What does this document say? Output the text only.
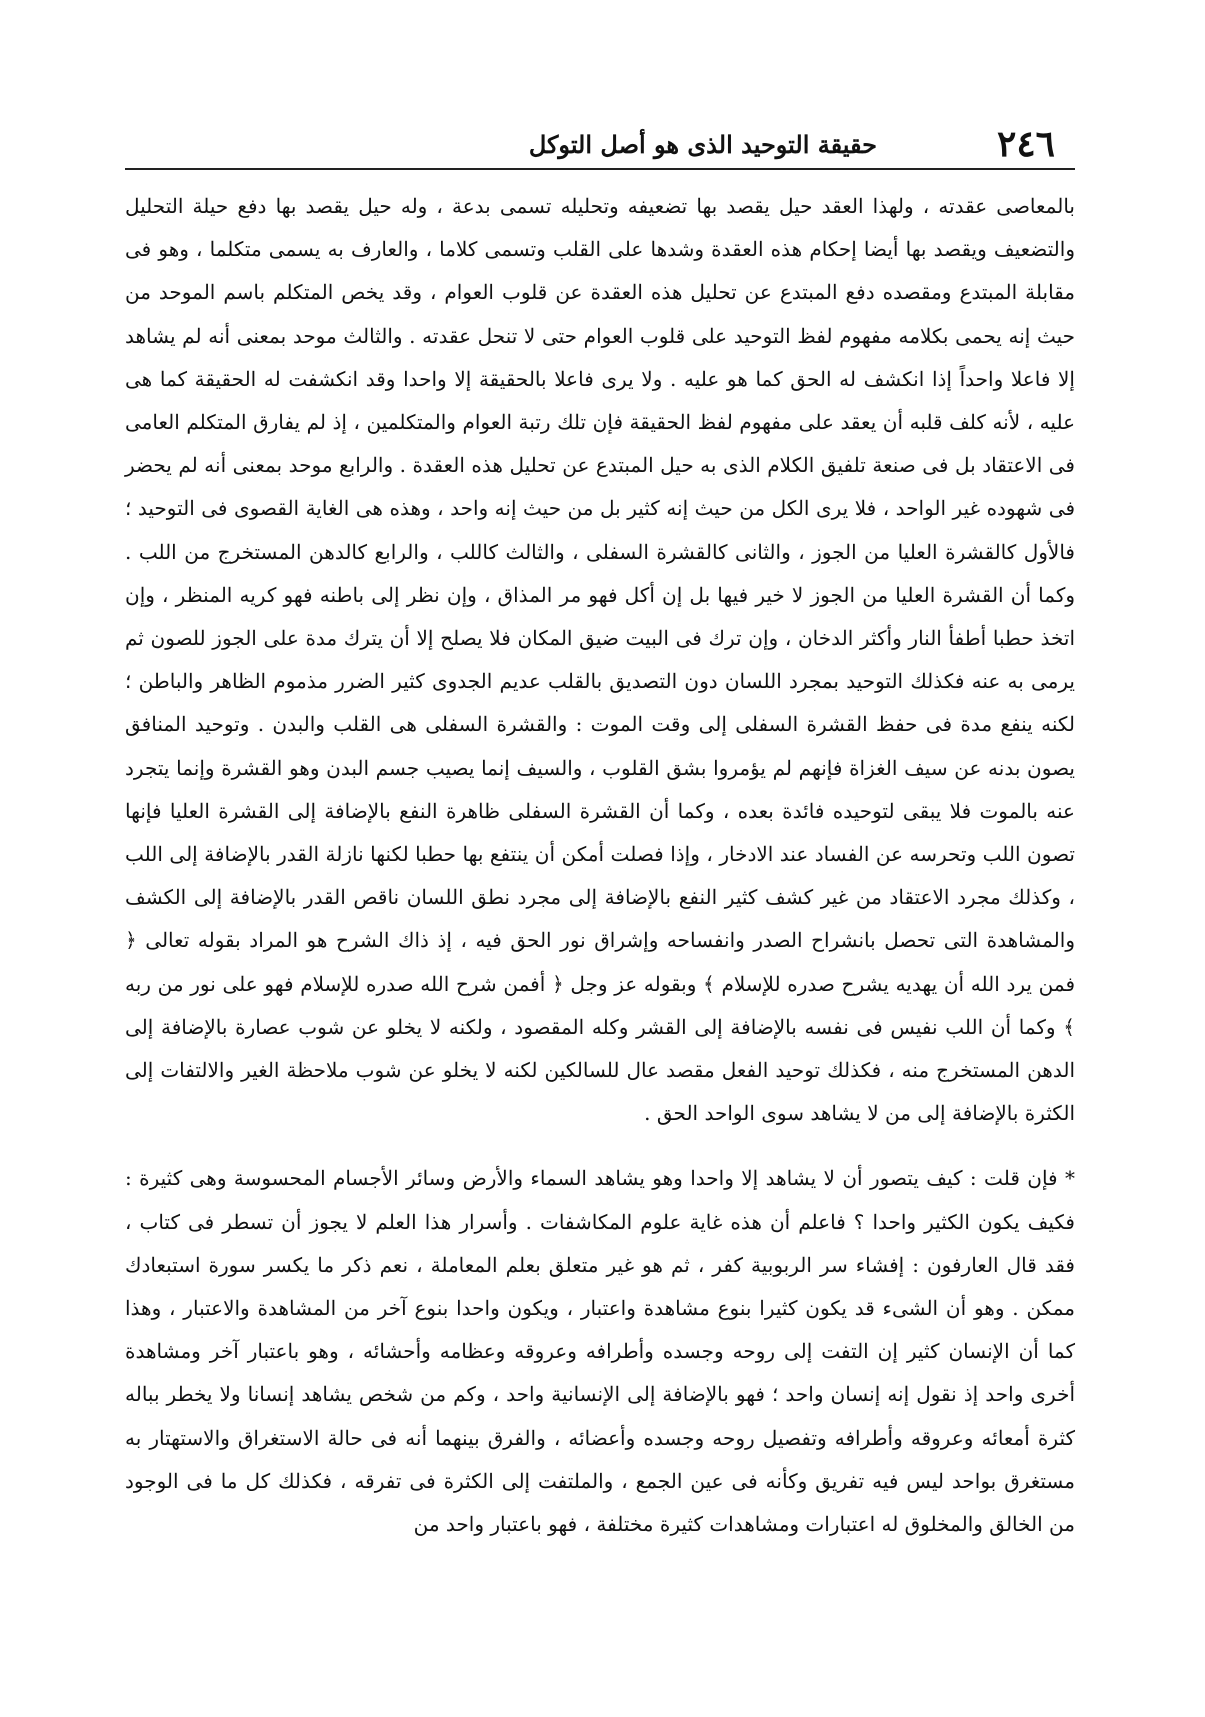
٢٤٦
حقيقة التوحيد الذى هو أصل التوكل

بالمعاصى عقدته ، ولهذا العقد حيل يقصد بها تضعيفه وتحليله تسمى بدعة ، وله حيل يقصد بها دفع حيلة التحليل والتضعيف ويقصد بها أيضا إحكام هذه العقدة وشدها على القلب وتسمى كلاما ، والعارف به يسمى متكلما ، وهو فى مقابلة المبتدع ومقصده دفع المبتدع عن تحليل هذه العقدة عن قلوب العوام ، وقد يخص المتكلم باسم الموحد من حيث إنه يحمى بكلامه مفهوم لفظ التوحيد على قلوب العوام حتى لا تنحل عقدته . والثالث موحد بمعنى أنه لم يشاهد إلا فاعلا واحداً إذا انكشف له الحق كما هو عليه . ولا يرى فاعلا بالحقيقة إلا واحدا وقد انكشفت له الحقيقة كما هى عليه ، لأنه كلف قلبه أن يعقد على مفهوم لفظ الحقيقة فإن تلك رتبة العوام والمتكلمين ، إذ لم يفارق المتكلم العامى فى الاعتقاد بل فى صنعة تلفيق الكلام الذى به حيل المبتدع عن تحليل هذه العقدة . والرابع موحد بمعنى أنه لم يحضر فى شهوده غير الواحد ، فلا يرى الكل من حيث إنه كثير بل من حيث إنه واحد ، وهذه هى الغاية القصوى فى التوحيد ؛ فالأول كالقشرة العليا من الجوز ، والثانى كالقشرة السفلى ، والثالث كاللب ، والرابع كالدهن المستخرج من اللب . وكما أن القشرة العليا من الجوز لا خير فيها بل إن أكل فهو مر المذاق ، وإن نظر إلى باطنه فهو كريه المنظر ، وإن اتخذ حطبا أطفأ النار وأكثر الدخان ، وإن ترك فى البيت ضيق المكان فلا يصلح إلا أن يترك مدة على الجوز للصون ثم يرمى به عنه فكذلك التوحيد بمجرد اللسان دون التصديق بالقلب عديم الجدوى كثير الضرر مذموم الظاهر والباطن ؛ لكنه ينفع مدة فى حفظ القشرة السفلى إلى وقت الموت : والقشرة السفلى هى القلب والبدن . وتوحيد المنافق يصون بدنه عن سيف الغزاة فإنهم لم يؤمروا بشق القلوب ، والسيف إنما يصيب جسم البدن وهو القشرة وإنما يتجرد عنه بالموت فلا يبقى لتوحيده فائدة بعده ، وكما أن القشرة السفلى ظاهرة النفع بالإضافة إلى القشرة العليا فإنها تصون اللب وتحرسه عن الفساد عند الادخار ، وإذا فصلت أمكن أن ينتفع بها حطبا لكنها نازلة القدر بالإضافة إلى اللب ، وكذلك مجرد الاعتقاد من غير كشف كثير النفع بالإضافة إلى مجرد نطق اللسان ناقص القدر بالإضافة إلى الكشف والمشاهدة التى تحصل بانشراح الصدر وانفساحه وإشراق نور الحق فيه ، إذ ذاك الشرح هو المراد بقوله تعالى ﴿ فمن يرد الله أن يهديه يشرح صدره للإسلام ﴾ وبقوله عز وجل ﴿ أفمن شرح الله صدره للإسلام فهو على نور من ربه ﴾ وكما أن اللب نفيس فى نفسه بالإضافة إلى القشر وكله المقصود ، ولكنه لا يخلو عن شوب عصارة بالإضافة إلى الدهن المستخرج منه ، فكذلك توحيد الفعل مقصد عال للسالكين لكنه لا يخلو عن شوب ملاحظة الغير والالتفات إلى الكثرة بالإضافة إلى من لا يشاهد سوى الواحد الحق .

* فإن قلت : كيف يتصور أن لا يشاهد إلا واحدا وهو يشاهد السماء والأرض وسائر الأجسام المحسوسة وهى كثيرة : فكيف يكون الكثير واحدا ؟ فاعلم أن هذه غاية علوم المكاشفات . وأسرار هذا العلم لا يجوز أن تسطر فى كتاب ، فقد قال العارفون : إفشاء سر الربوبية كفر ، ثم هو غير متعلق بعلم المعاملة ، نعم ذكر ما يكسر سورة استبعادك ممكن . وهو أن الشىء قد يكون كثيرا بنوع مشاهدة واعتبار ، ويكون واحدا بنوع آخر من المشاهدة والاعتبار ، وهذا كما أن الإنسان كثير إن التفت إلى روحه وجسده وأطرافه وعروقه وعظامه وأحشائه ، وهو باعتبار آخر ومشاهدة أخرى واحد إذ نقول إنه إنسان واحد ؛ فهو بالإضافة إلى الإنسانية واحد ، وكم من شخص يشاهد إنسانا ولا يخطر بباله كثرة أمعائه وعروقه وأطرافه وتفصيل روحه وجسده وأعضائه ، والفرق بينهما أنه فى حالة الاستغراق والاستهتار به مستغرق بواحد ليس فيه تفريق وكأنه فى عين الجمع ، والملتفت إلى الكثرة فى تفرقه ، فكذلك كل ما فى الوجود من الخالق والمخلوق له اعتبارات ومشاهدات كثيرة مختلفة ، فهو باعتبار واحد من
